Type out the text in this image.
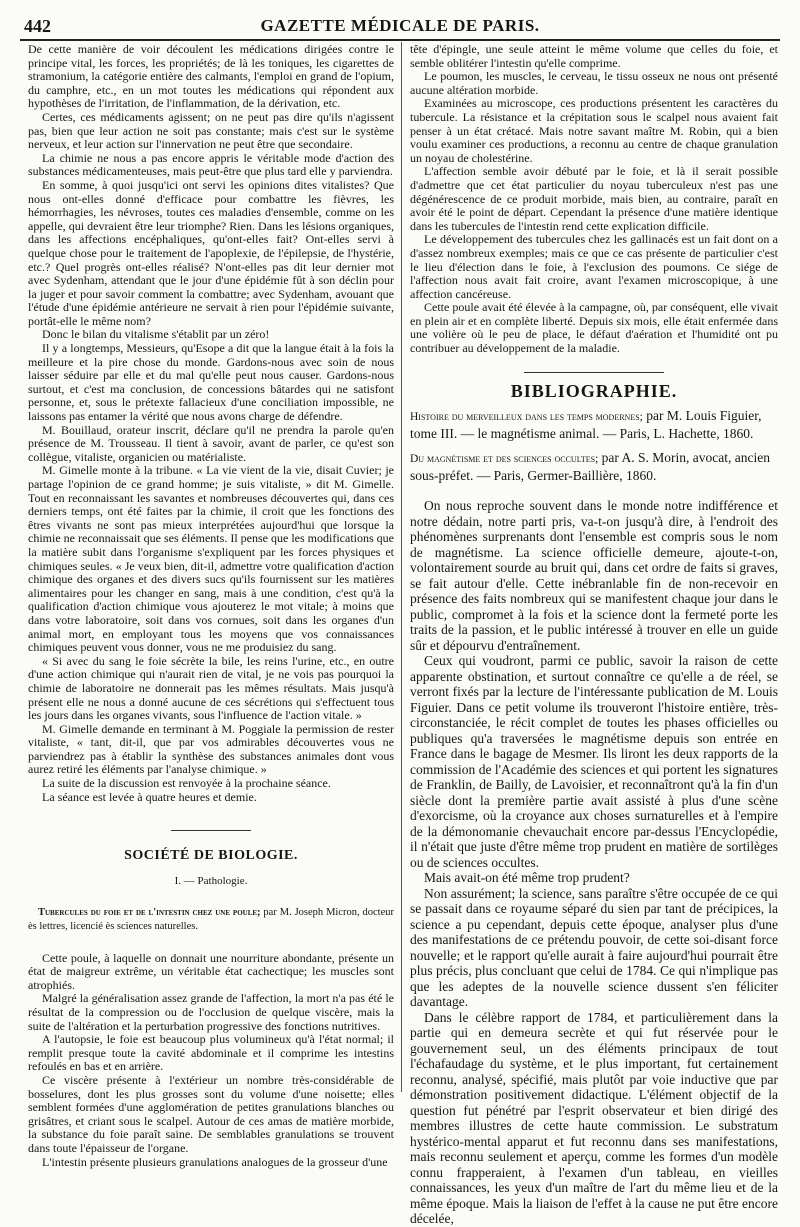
442	GAZETTE MÉDICALE DE PARIS.

De cette manière de voir découlent les médications dirigées contre le principe vital, les forces, les propriétés; de là les toniques, les cigarettes de stramonium, la catégorie entière des calmants, l'emploi en grand de l'opium, du camphre, etc., en un mot toutes les médications qui répondent aux hypothèses de l'irritation, de l'inflammation, de la dérivation, etc.

Certes, ces médicaments agissent; on ne peut pas dire qu'ils n'agissent pas, bien que leur action ne soit pas constante; mais c'est sur le système nerveux, et leur action sur l'innervation ne peut être que secondaire.

La chimie ne nous a pas encore appris le véritable mode d'action des substances médicamenteuses, mais peut-être que plus tard elle y parviendra.

En somme, à quoi jusqu'ici ont servi les opinions dites vitalistes? Que nous ont-elles donné d'efficace pour combattre les fièvres, les hémorrhagies, les névroses, toutes ces maladies d'ensemble, comme on les appelle, qui devraient être leur triomphe? Rien. Dans les lésions organiques, dans les affections encéphaliques, qu'ont-elles fait? Ont-elles servi à quelque chose pour le traitement de l'apoplexie, de l'épilepsie, de l'hystérie, etc.? Quel progrès ont-elles réalisé? N'ont-elles pas dit leur dernier mot avec Sydenham, attendant que le jour d'une épidémie fût à son déclin pour la juger et pour savoir comment la combattre; avec Sydenham, avouant que l'étude d'une épidémie antérieure ne servait à rien pour l'épidémie suivante, portât-elle le même nom?

Donc le bilan du vitalisme s'établit par un zéro!

Il y a longtemps, Messieurs, qu'Esope a dit que la langue était à la fois la meilleure et la pire chose du monde. Gardons-nous avec soin de nous laisser séduire par elle et du mal qu'elle peut nous causer. Gardons-nous surtout, et c'est ma conclusion, de concessions bâtardes qui ne satisfont personne, et, sous le prétexte fallacieux d'une conciliation impossible, ne laissons pas entamer la vérité que nous avons charge de défendre.

M. Bouillaud, orateur inscrit, déclare qu'il ne prendra la parole qu'en présence de M. Trousseau. Il tient à savoir, avant de parler, ce qu'est son collègue, vitaliste, organicien ou matérialiste.

M. Gimelle monte à la tribune. « La vie vient de la vie, disait Cuvier; je partage l'opinion de ce grand homme; je suis vitaliste, » dit M. Gimelle. Tout en reconnaissant les savantes et nombreuses découvertes qui, dans ces derniers temps, ont été faites par la chimie, il croit que les fonctions des êtres vivants ne sont pas mieux interprétées aujourd'hui que lorsque la chimie ne reconnaissait que ses éléments. Il pense que les modifications que la matière subit dans l'organisme s'expliquent par les forces physiques et chimiques seules. « Je veux bien, dit-il, admettre votre qualification d'action chimique des organes et des divers sucs qu'ils fournissent sur les matières alimentaires pour les changer en sang, mais à une condition, c'est qu'à la qualification d'action chimique vous ajouterez le mot vitale; à moins que dans votre laboratoire, soit dans vos cornues, soit dans les organes d'un animal mort, en employant tous les moyens que vos connaissances chimiques peuvent vous donner, vous ne me produisiez du sang.

« Si avec du sang le foie sécrète la bile, les reins l'urine, etc., en outre d'une action chimique qui n'aurait rien de vital, je ne vois pas pourquoi la chimie de laboratoire ne donnerait pas les mêmes résultats. Mais jusqu'à présent elle ne nous a donné aucune de ces sécrétions qui s'effectuent tous les jours dans les organes vivants, sous l'influence de l'action vitale. »

M. Gimelle demande en terminant à M. Poggiale la permission de rester vitaliste, « tant, dit-il, que par vos admirables découvertes vous ne parviendrez pas à établir la synthèse des substances animales dont vous aurez retiré les éléments par l'analyse chimique. »

La suite de la discussion est renvoyée à la prochaine séance.

La séance est levée à quatre heures et demie.

SOCIÉTÉ DE BIOLOGIE.
I. — Pathologie.

Tubercules du foie et de l'intestin chez une poule; par M. Joseph Micron, docteur ès lettres, licencié ès sciences naturelles.

Cette poule, à laquelle on donnait une nourriture abondante, présente un état de maigreur extrême, un véritable état cachectique; les muscles sont atrophiés.

Malgré la généralisation assez grande de l'affection, la mort n'a pas été le résultat de la compression ou de l'occlusion de quelque viscère, mais la suite de l'altération et la perturbation progressive des fonctions nutritives.

A l'autopsie, le foie est beaucoup plus volumineux qu'à l'état normal; il remplit presque toute la cavité abdominale et il comprime les intestins refoulés en bas et en arrière.

Ce viscère présente à l'extérieur un nombre très-considérable de bosselures, dont les plus grosses sont du volume d'une noisette; elles semblent formées d'une agglomération de petites granulations blanches ou grisâtres, et criant sous le scalpel. Autour de ces amas de matière morbide, la substance du foie paraît saine. De semblables granulations se trouvent dans toute l'épaisseur de l'organe.

L'intestin présente plusieurs granulations analogues de la grosseur d'une

tête d'épingle, une seule atteint le même volume que celles du foie, et semble oblitérer l'intestin qu'elle comprime.

Le poumon, les muscles, le cerveau, le tissu osseux ne nous ont présenté aucune altération morbide.

Examinées au microscope, ces productions présentent les caractères du tubercule. La résistance et la crépitation sous le scalpel nous avaient fait penser à un état crétacé. Mais notre savant maître M. Robin, qui a bien voulu examiner ces productions, a reconnu au centre de chaque granulation un noyau de cholestérine.

L'affection semble avoir débuté par le foie, et là il serait possible d'admettre que cet état particulier du noyau tuberculeux n'est pas une dégénérescence de ce produit morbide, mais bien, au contraire, paraît en avoir été le point de départ. Cependant la présence d'une matière identique dans les tubercules de l'intestin rend cette explication difficile.

Le développement des tubercules chez les gallinacés est un fait dont on a d'assez nombreux exemples; mais ce que ce cas présente de particulier c'est le lieu d'élection dans le foie, à l'exclusion des poumons. Ce siége de l'affection nous avait fait croire, avant l'examen microscopique, à une affection cancéreuse.

Cette poule avait été élevée à la campagne, où, par conséquent, elle vivait en plein air et en complète liberté. Depuis six mois, elle était enfermée dans une volière où le peu de place, le défaut d'aération et l'humidité ont pu contribuer au développement de la maladie.

BIBLIOGRAPHIE.

Histoire du merveilleux dans les temps modernes; par M. Louis Figuier, tome III. — le magnétisme animal. — Paris, L. Hachette, 1860.

Du magnétisme et des sciences occultes; par A. S. Morin, avocat, ancien sous-préfet. — Paris, Germer-Baillière, 1860.

On nous reproche souvent dans le monde notre indifférence et notre dédain, notre parti pris, va-t-on jusqu'à dire, à l'endroit des phénomènes surprenants dont l'ensemble est compris sous le nom de magnétisme. La science officielle demeure, ajoute-t-on, volontairement sourde au bruit qui, dans cet ordre de faits si graves, se fait autour d'elle. Cette inébranlable fin de non-recevoir en présence des faits nombreux qui se manifestent chaque jour dans le public, compromet à la fois et la science dont la fermeté porte les traits de la passion, et le public intéressé à trouver en elle un guide sûr et dépourvu d'entraînement.

Ceux qui voudront, parmi ce public, savoir la raison de cette apparente obstination, et surtout connaître ce qu'elle a de réel, se verront fixés par la lecture de l'intéressante publication de M. Louis Figuier. Dans ce petit volume ils trouveront l'histoire entière, très-circonstanciée, le récit complet de toutes les phases officielles ou publiques qu'a traversées le magnétisme depuis son entrée en France dans le bagage de Mesmer. Ils liront les deux rapports de la commission de l'Académie des sciences et qui portent les signatures de Franklin, de Bailly, de Lavoisier, et reconnaîtront qu'à la fin d'un siècle dont la première partie avait assisté à plus d'une scène d'exorcisme, où la croyance aux choses surnaturelles et à l'empire de la démonomanie chevauchait encore par-dessus l'Encyclopédie, il n'était que juste d'être même trop prudent en matière de sortilèges ou de sciences occultes.

Mais avait-on été même trop prudent?

Non assurément; la science, sans paraître s'être occupée de ce qui se passait dans ce royaume séparé du sien par tant de précipices, la science a pu cependant, depuis cette époque, analyser plus d'une des manifestations de ce prétendu pouvoir, de cette soi-disant force nouvelle; et le rapport qu'elle aurait à faire aujourd'hui pourrait être plus précis, plus concluant que celui de 1784. Ce qui n'implique pas que les adeptes de la nouvelle science dussent s'en féliciter davantage.

Dans le célèbre rapport de 1784, et particulièrement dans la partie qui en demeura secrète et qui fut réservée pour le gouvernement seul, un des éléments principaux de tout l'échafaudage du système, et le plus important, fut certainement reconnu, analysé, spécifié, mais plutôt par voie inductive que par démonstration positivement didactique. L'élément objectif de la question fut pénétré par l'esprit observateur et bien dirigé des membres illustres de cette haute commission. Le substratum hystérico-mental apparut et fut reconnu dans ses manifestations, mais reconnu seulement et aperçu, comme les formes d'un modèle connu frapperaient, à l'examen d'un tableau, en vieilles connaissances, les yeux d'un maître de l'art du même lieu et de la même époque. Mais la liaison de l'effet à la cause ne put être encore décelée,
